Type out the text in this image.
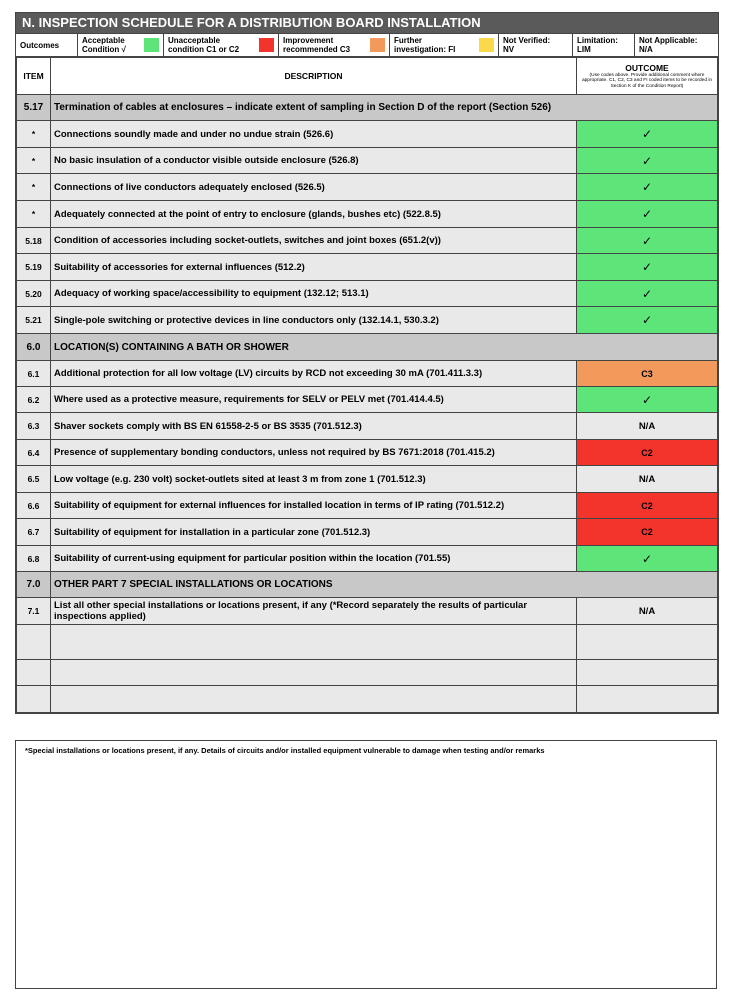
N. INSPECTION SCHEDULE FOR A DISTRIBUTION BOARD INSTALLATION
Outcomes	Acceptable
Condition √
Unacceptable
condition C1 or C2
Improvement
recommended C3
Further
investigation: FI
Not Verified:
NV
Limitation:
LIM
Not Applicable:
N/A
ITEM	DESCRIPTION	OUTCOME
(Use codes above. Provide additional comment where appropriate. C1, C2, C3 and FI coded items to be recorded in Section K of the Condition Report)

5.17	Termination of cables at enclosures – indicate extent of sampling in Section D of the report (Section 526)	
*	Connections soundly made and under no undue strain (526.6)	✓
*	No basic insulation of a conductor visible outside enclosure (526.8)	✓
*	Connections of live conductors adequately enclosed (526.5)	✓
*	Adequately connected at the point of entry to enclosure (glands, bushes etc) (522.8.5)	✓
5.18	Condition of accessories including socket-outlets, switches and joint boxes (651.2(v))	✓
5.19	Suitability of accessories for external influences (512.2)	✓
5.20	Adequacy of working space/accessibility to equipment (132.12; 513.1)	✓
5.21	Single-pole switching or protective devices in line conductors only (132.14.1, 530.3.2)	✓
6.0	LOCATION(S) CONTAINING A BATH OR SHOWER	
6.1	Additional protection for all low voltage (LV) circuits by RCD not exceeding 30 mA (701.411.3.3)	C3
6.2	Where used as a protective measure, requirements for SELV or PELV met (701.414.4.5)	✓
6.3	Shaver sockets comply with BS EN 61558-2-5 or BS 3535 (701.512.3)	N/A
6.4	Presence of supplementary bonding conductors, unless not required by BS 7671:2018 (701.415.2)	C2
6.5	Low voltage (e.g. 230 volt) socket-outlets sited at least 3 m from zone 1 (701.512.3)	N/A
6.6	Suitability of equipment for external influences for installed location in terms of IP rating (701.512.2)	C2
6.7	Suitability of equipment for installation in a particular zone (701.512.3)	C2
6.8	Suitability of current-using equipment for particular position within the location (701.55)	✓
7.0	OTHER PART 7 SPECIAL INSTALLATIONS OR LOCATIONS	
7.1	List all other special installations or locations present, if any (*Record separately the results of particular inspections applied)	N/A

*Special installations or locations present, if any. Details of circuits and/or installed equipment vulnerable to damage when testing and/or remarks
